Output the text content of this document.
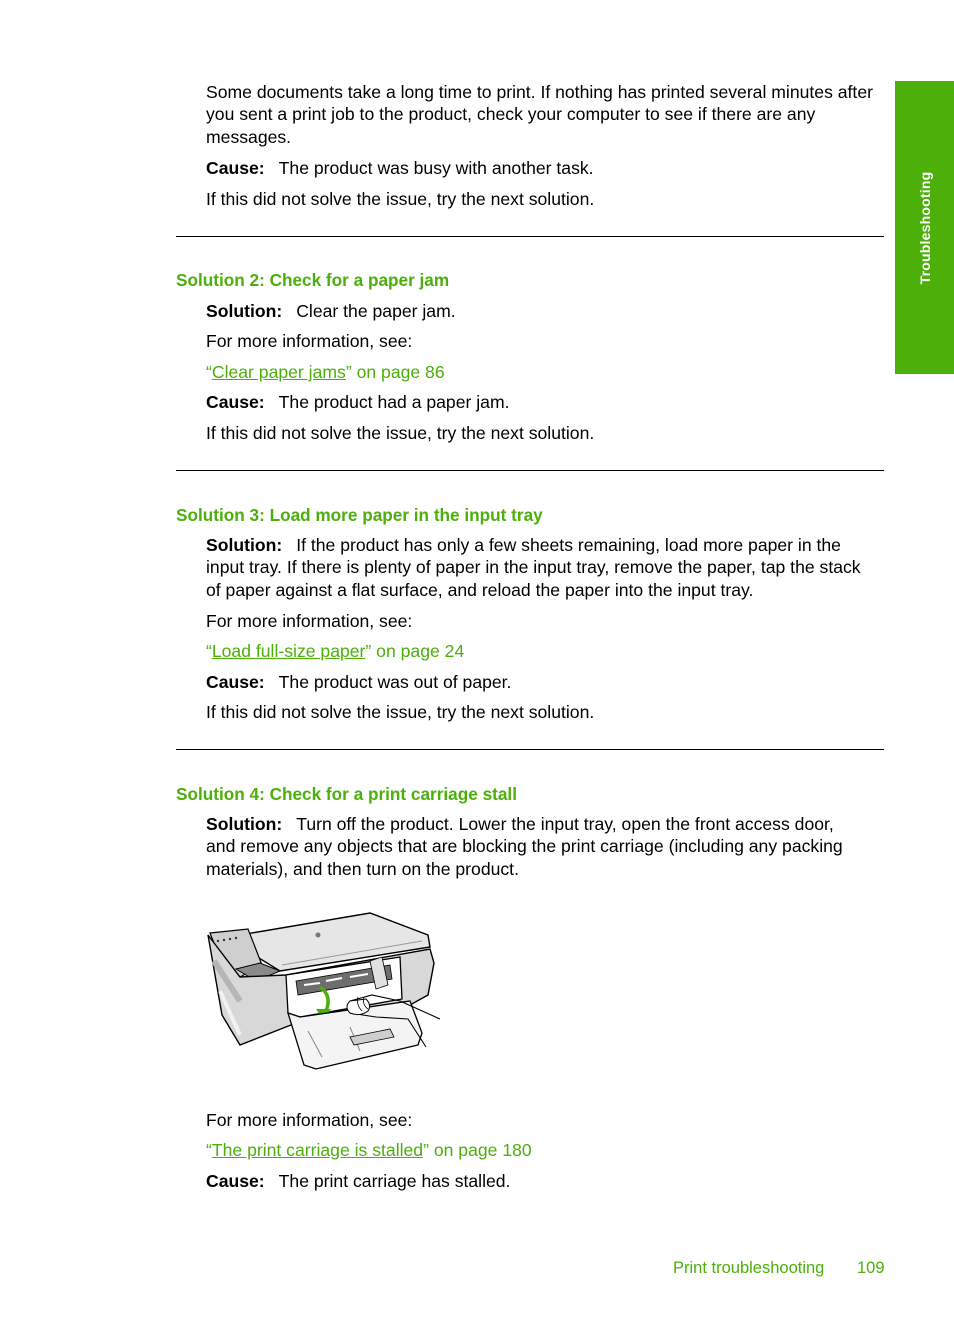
Troubleshooting
Some documents take a long time to print. If nothing has printed several minutes after
you sent a print job to the product, check your computer to see if there are any
messages.
Cause: The product was busy with another task.
If this did not solve the issue, try the next solution.
Solution 2: Check for a paper jam
Solution: Clear the paper jam.
For more information, see:
“Clear paper jams” on page 86
Cause: The product had a paper jam.
If this did not solve the issue, try the next solution.
Solution 3: Load more paper in the input tray
Solution: If the product has only a few sheets remaining, load more paper in the
input tray. If there is plenty of paper in the input tray, remove the paper, tap the stack
of paper against a flat surface, and reload the paper into the input tray.
For more information, see:
“Load full-size paper” on page 24
Cause: The product was out of paper.
If this did not solve the issue, try the next solution.
Solution 4: Check for a print carriage stall
Solution: Turn off the product. Lower the input tray, open the front access door,
and remove any objects that are blocking the print carriage (including any packing
materials), and then turn on the product.
For more information, see:
“The print carriage is stalled” on page 180
Cause: The print carriage has stalled.
Print troubleshooting 109
